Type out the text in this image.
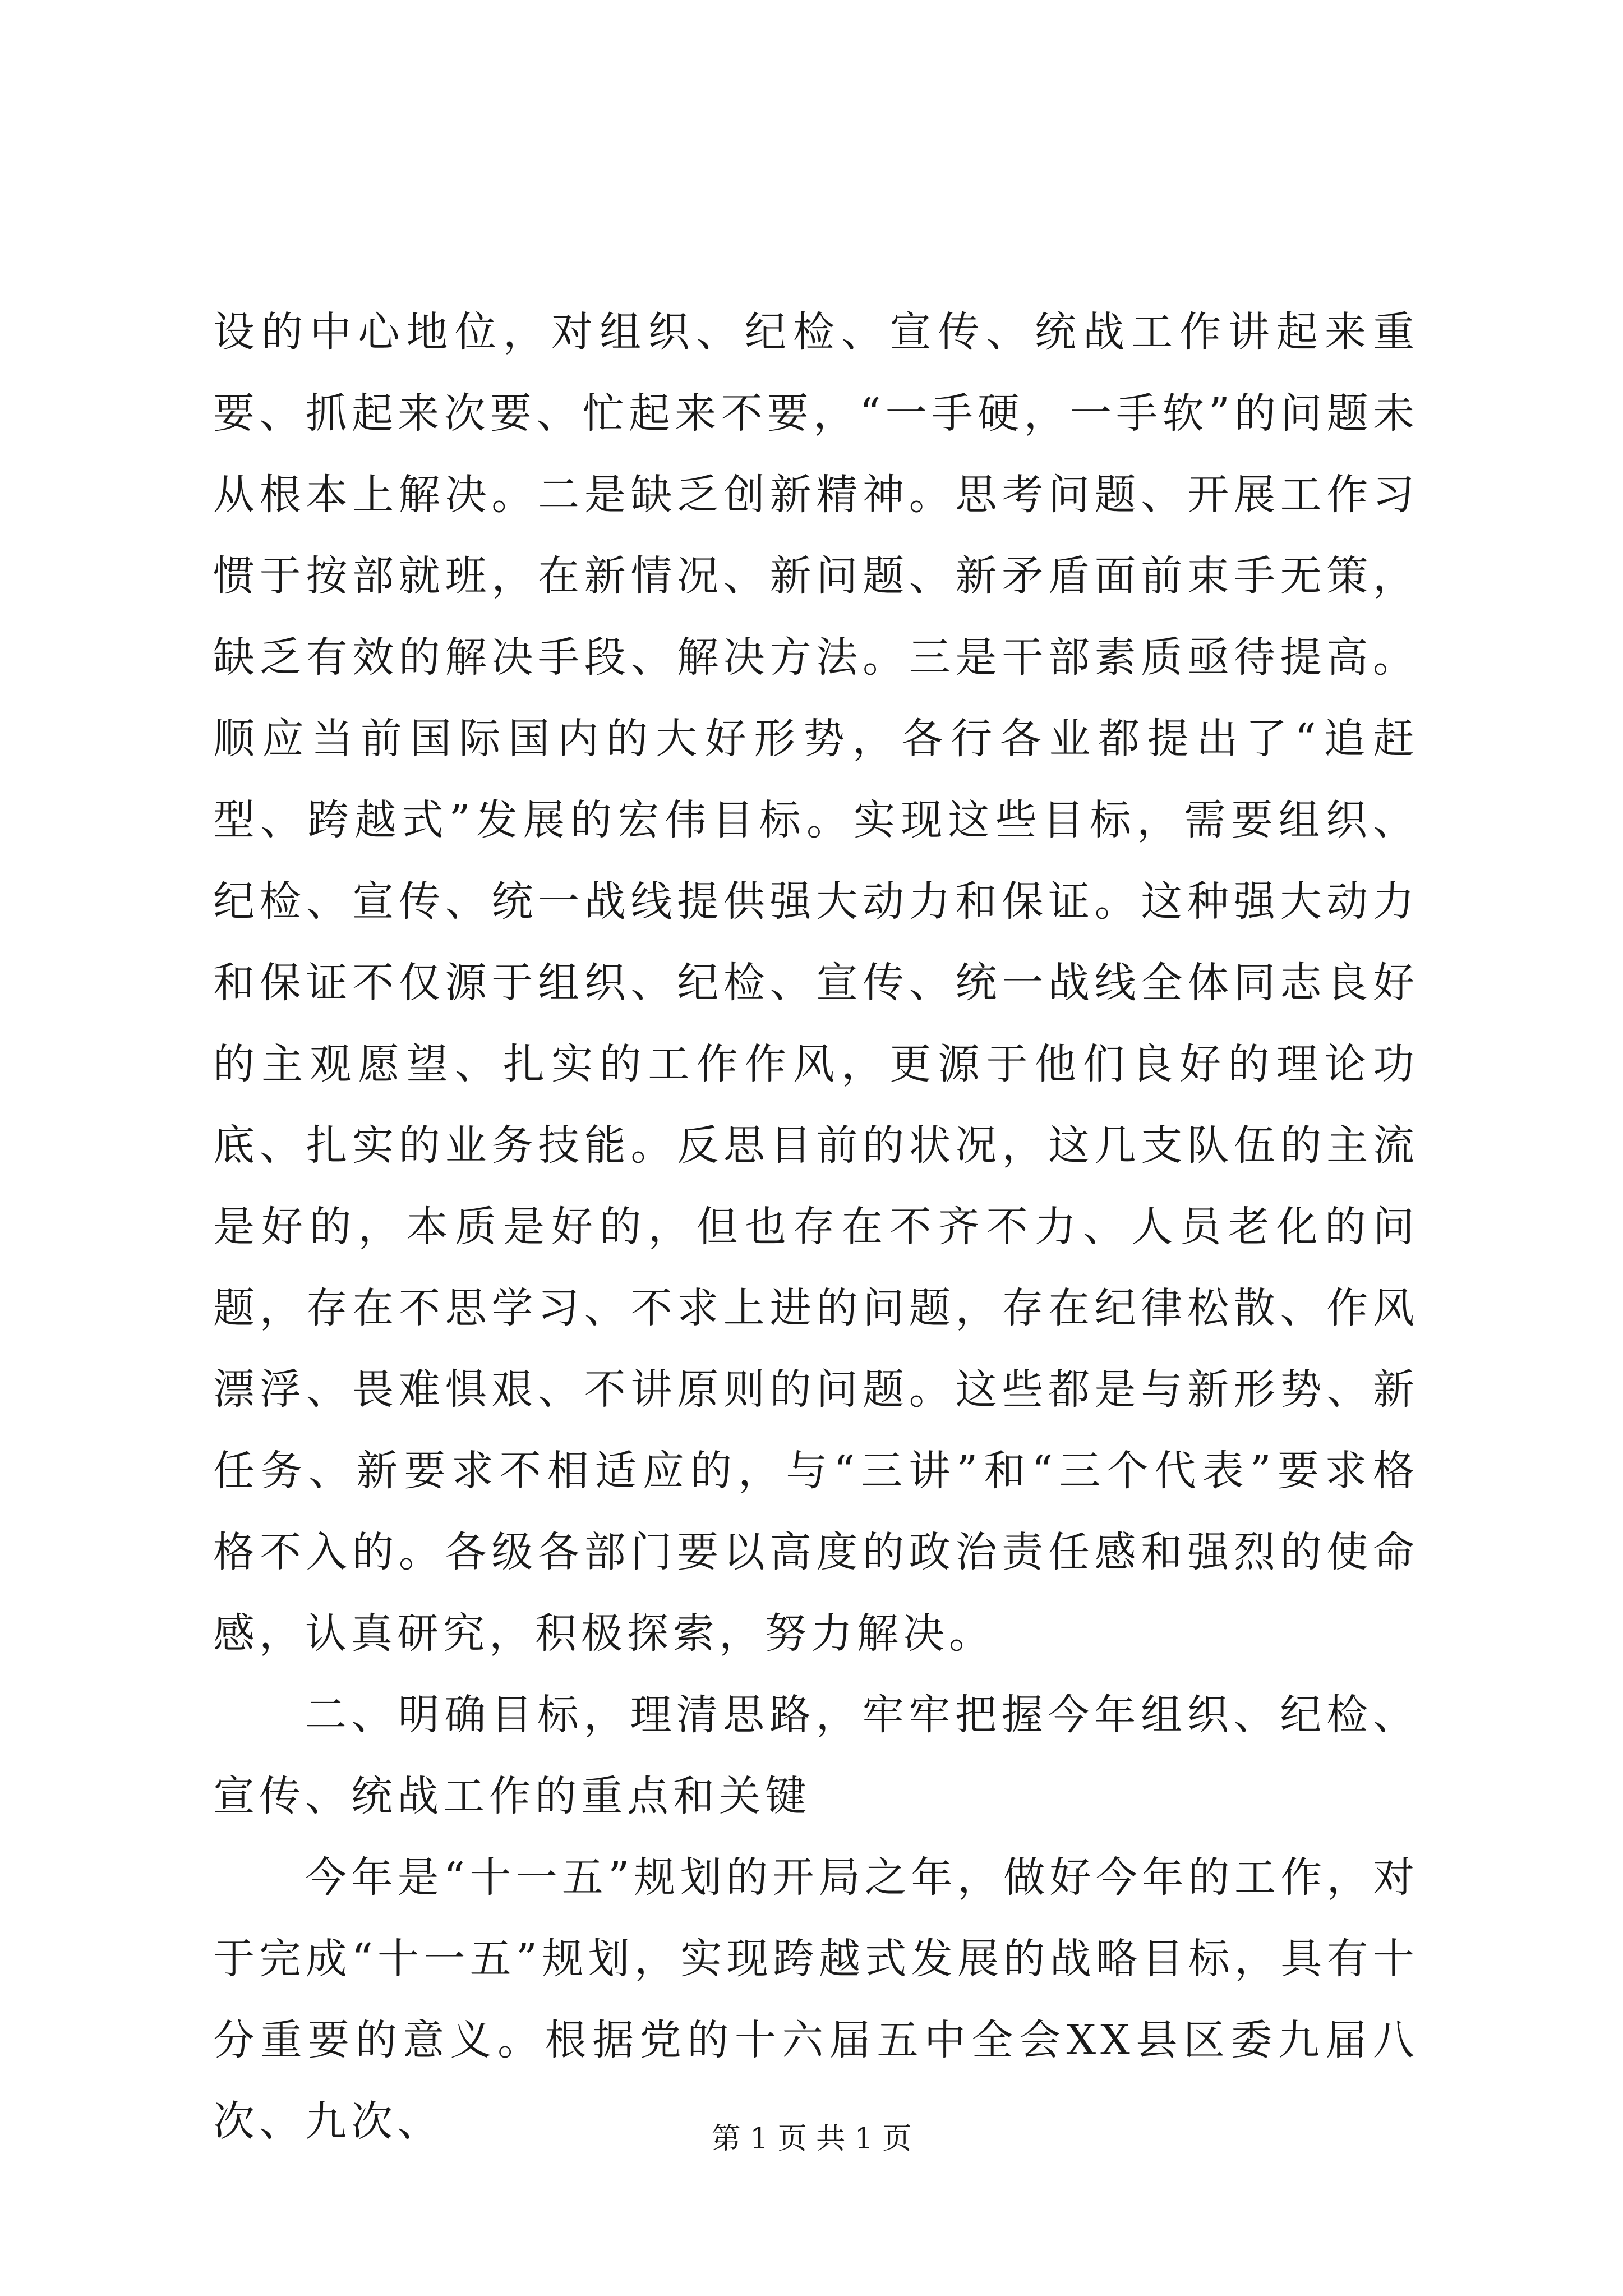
设的中心地位，对组织、纪检、宣传、统战工作讲起来重要、抓起来次要、忙起来不要，“一手硬，一手软”的问题未从根本上解决。二是缺乏创新精神。思考问题、开展工作习惯于按部就班，在新情况、新问题、新矛盾面前束手无策，缺乏有效的解决手段、解决方法。三是干部素质亟待提高。顺应当前国际国内的大好形势，各行各业都提出了“追赶型、跨越式”发展的宏伟目标。实现这些目标，需要组织、纪检、宣传、统一战线提供强大动力和保证。这种强大动力和保证不仅源于组织、纪检、宣传、统一战线全体同志良好的主观愿望、扎实的工作作风，更源于他们良好的理论功底、扎实的业务技能。反思目前的状况，这几支队伍的主流是好的，本质是好的，但也存在不齐不力、人员老化的问题，存在不思学习、不求上进的问题，存在纪律松散、作风漂浮、畏难惧艰、不讲原则的问题。这些都是与新形势、新任务、新要求不相适应的，与“三讲”和“三个代表”要求格格不入的。各级各部门要以高度的政治责任感和强烈的使命感，认真研究，积极探索，努力解决。

二、明确目标，理清思路，牢牢把握今年组织、纪检、宣传、统战工作的重点和关键

今年是“十一五”规划的开局之年，做好今年的工作，对于完成“十一五”规划，实现跨越式发展的战略目标，具有十分重要的意义。根据党的十六届五中全会XX县区委九届八次、九次、	第 1 页 共 1 页
